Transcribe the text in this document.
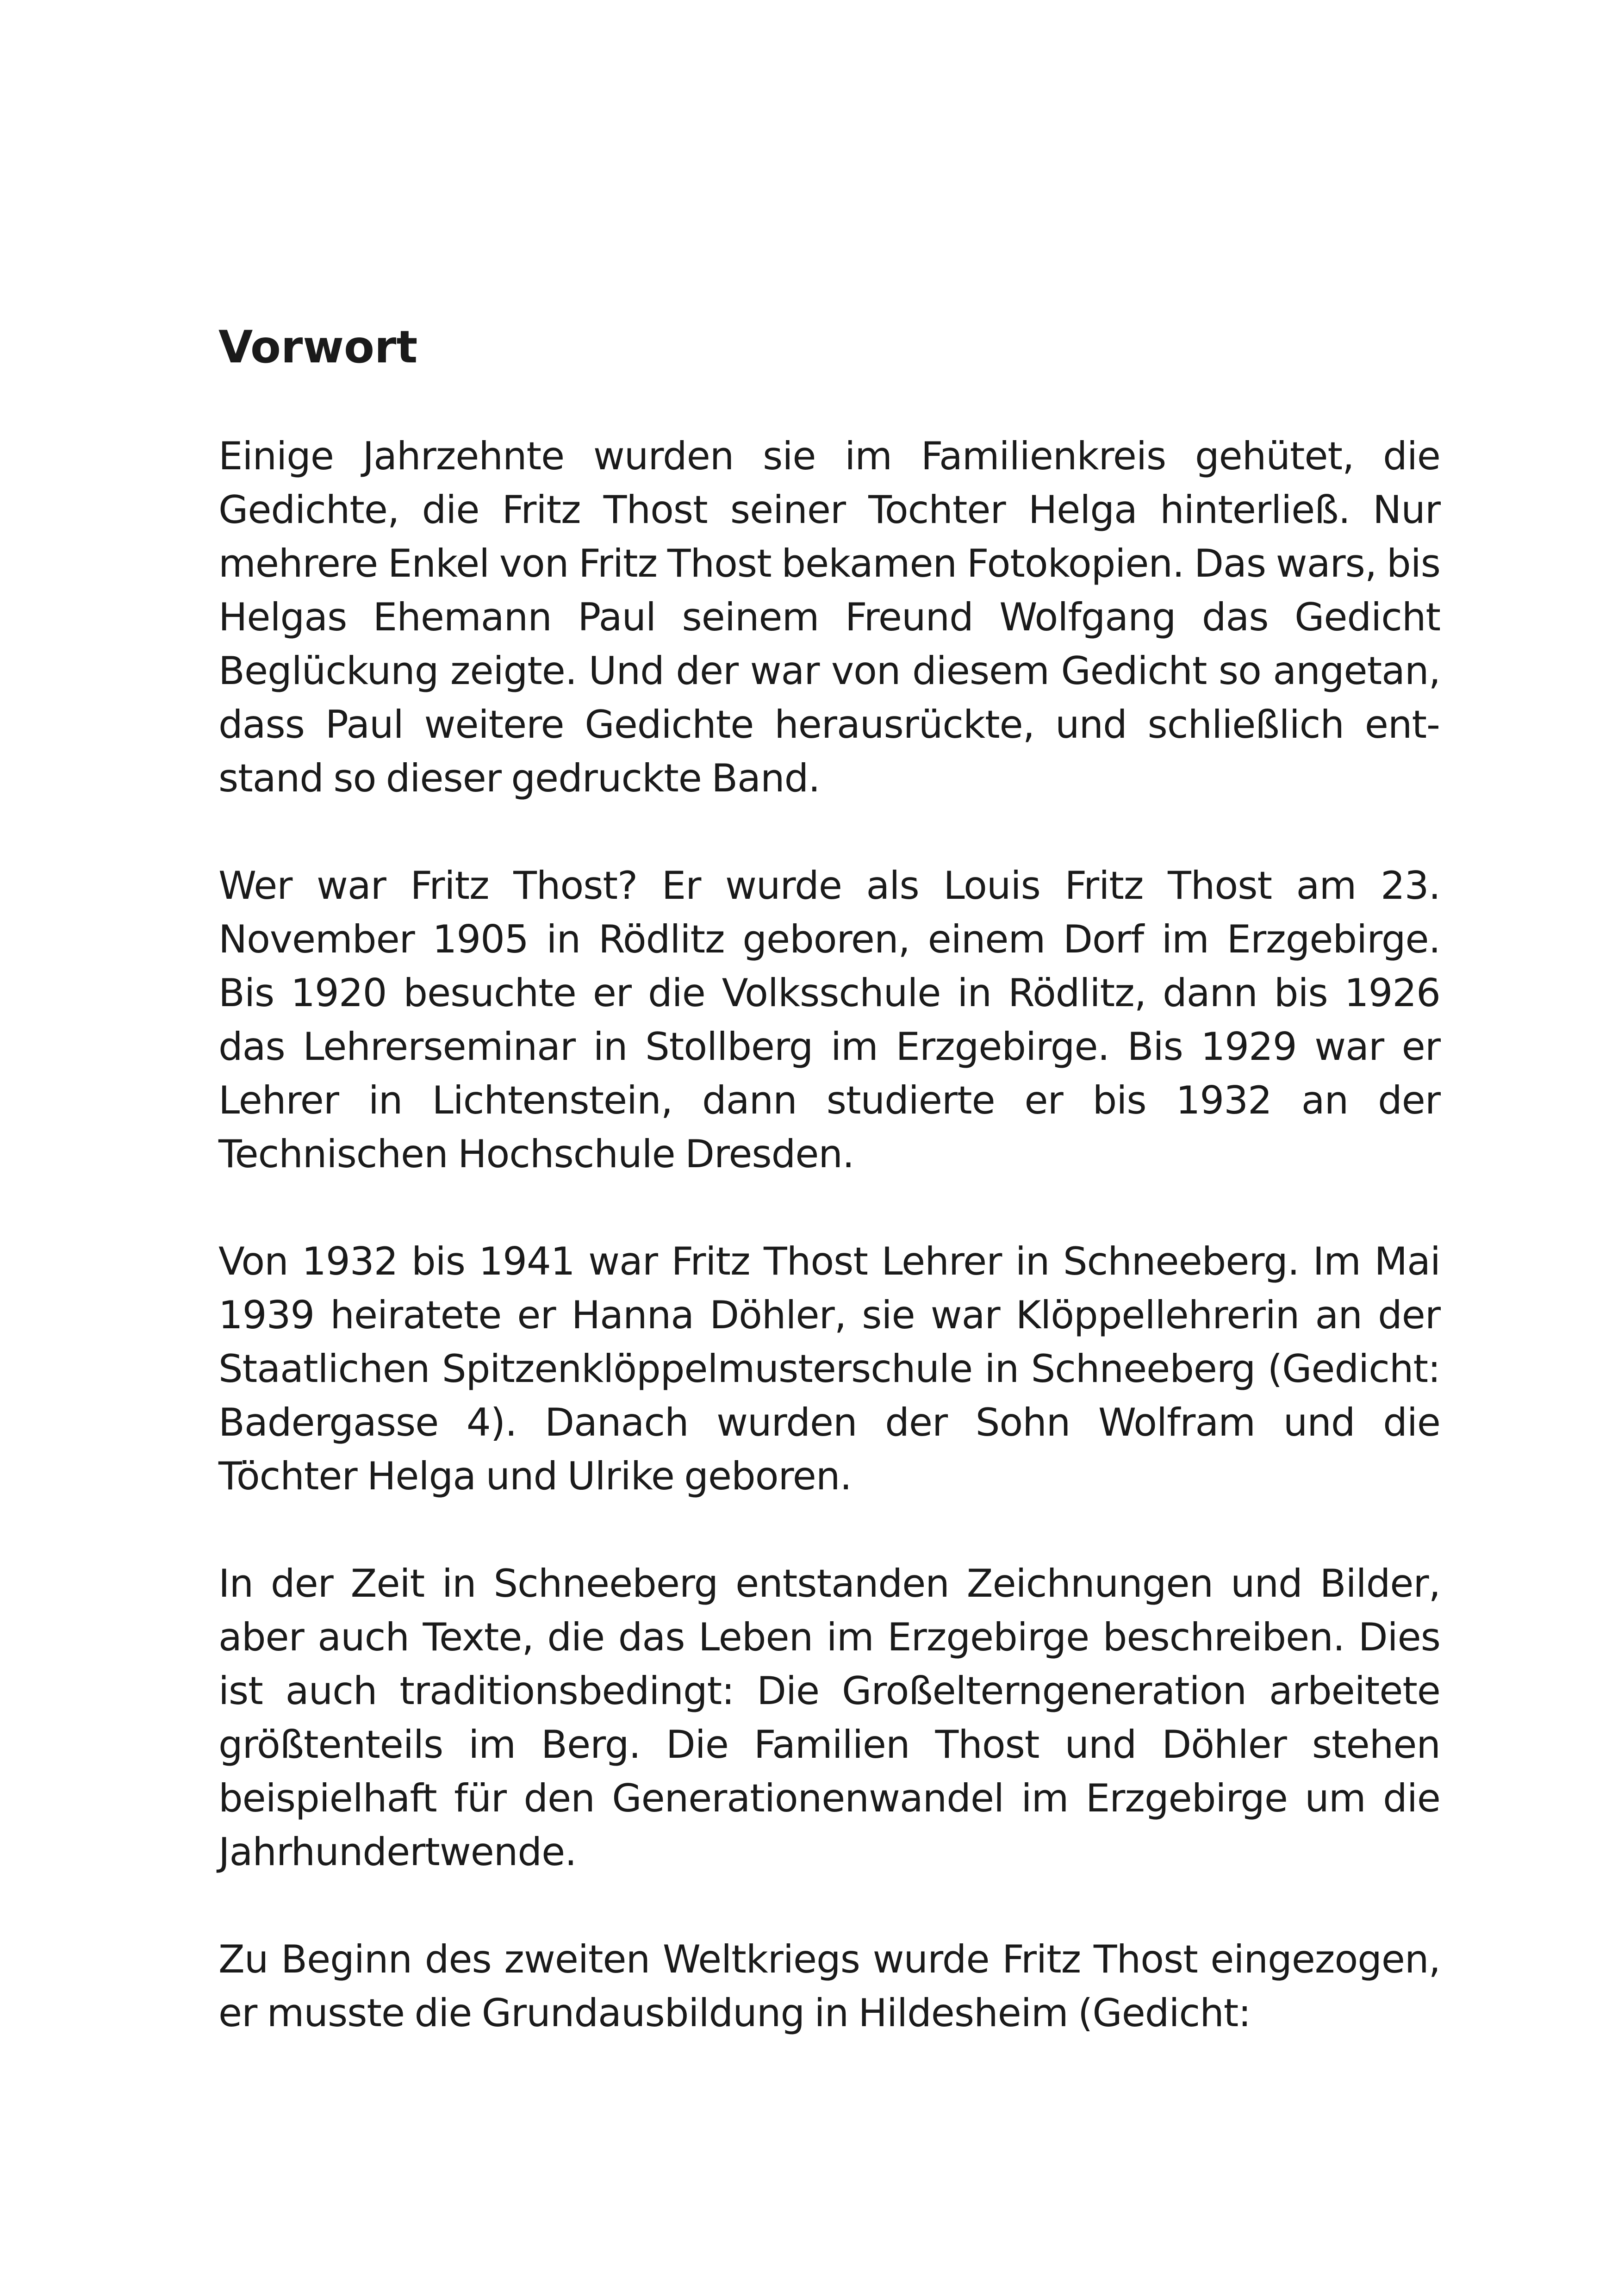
Vorwort

Einige Jahrzehnte wurden sie im Familienkreis gehütet, die Gedichte, die Fritz Thost seiner Tochter Helga hinterließ. Nur mehrere Enkel von Fritz Thost bekamen Fotokopien. Das wars, bis Helgas Ehemann Paul seinem Freund Wolfgang das Gedicht Beglückung zeigte. Und der war von diesem Gedicht so angetan, dass Paul weitere Gedichte herausrückte, und schließlich entstand so dieser gedruckte Band.

Wer war Fritz Thost? Er wurde als Louis Fritz Thost am 23. November 1905 in Rödlitz geboren, einem Dorf im Erzgebirge. Bis 1920 besuchte er die Volksschule in Rödlitz, dann bis 1926 das Lehrerseminar in Stollberg im Erzgebirge. Bis 1929 war er Lehrer in Lichtenstein, dann studierte er bis 1932 an der Technischen Hochschule Dresden.

Von 1932 bis 1941 war Fritz Thost Lehrer in Schneeberg. Im Mai 1939 heiratete er Hanna Döhler, sie war Klöppellehrerin an der Staatlichen Spitzenklöppelmusterschule in Schneeberg (Gedicht: Badergasse 4). Danach wurden der Sohn Wolfram und die Töchter Helga und Ulrike geboren.

In der Zeit in Schneeberg entstanden Zeichnungen und Bilder, aber auch Texte, die das Leben im Erzgebirge beschreiben. Dies ist auch traditionsbedingt: Die Großelterngeneration arbeitete größtenteils im Berg. Die Familien Thost und Döhler stehen beispielhaft für den Generationenwandel im Erzgebirge um die Jahrhundertwende.

Zu Beginn des zweiten Weltkriegs wurde Fritz Thost eingezogen, er musste die Grundausbildung in Hildesheim (Gedicht:
